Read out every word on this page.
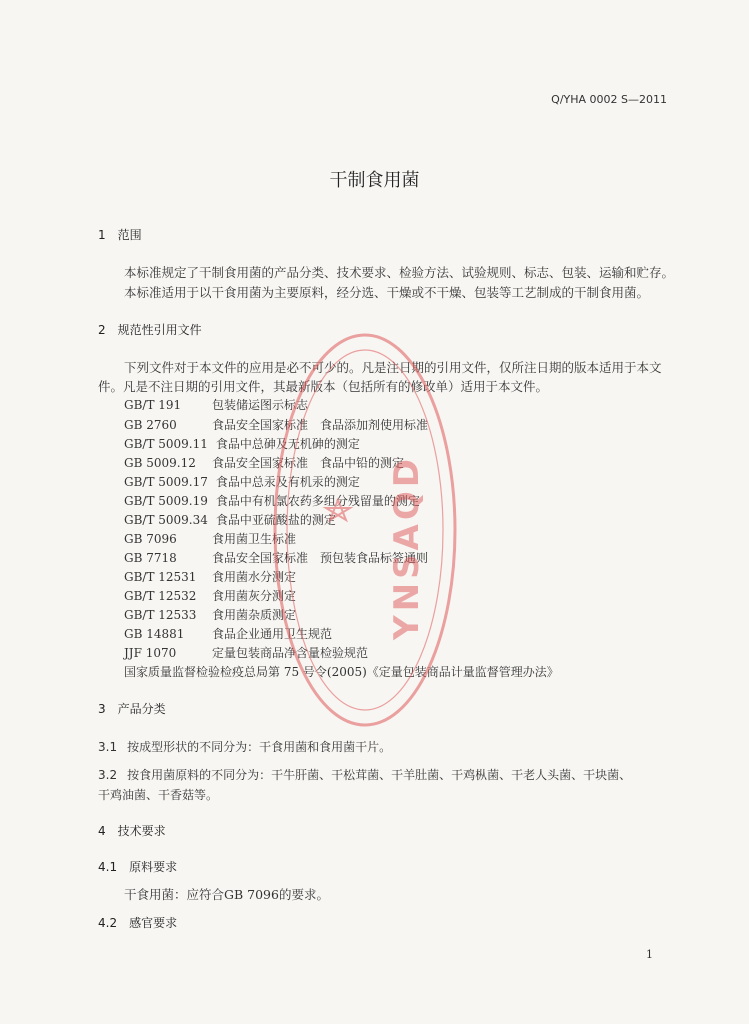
Q/YHA 0002 S—2011
干制食用菌
1 范围
本标准规定了干制食用菌的产品分类、技术要求、检验方法、试验规则、标志、包装、运输和贮存。
本标准适用于以干食用菌为主要原料，经分选、干燥或不干燥、包装等工艺制成的干制食用菌。
2 规范性引用文件
下列文件对于本文件的应用是必不可少的。凡是注日期的引用文件，仅所注日期的版本适用于本文
件。凡是不注日期的引用文件，其最新版本（包括所有的修改单）适用于本文件。
GB/T 191	包装储运图示标志
GB 2760	食品安全国家标准　食品添加剂使用标准
GB/T 5009.11 食品中总砷及无机砷的测定
GB 5009.12 食品安全国家标准　食品中铅的测定
GB/T 5009.17 食品中总汞及有机汞的测定
GB/T 5009.19 食品中有机氯农药多组分残留量的测定
GB/T 5009.34 食品中亚硫酸盐的测定
GB 7096	食用菌卫生标准
GB 7718	食品安全国家标准　预包装食品标签通则
GB/T 12531 食用菌水分测定
GB/T 12532 食用菌灰分测定
GB/T 12533 食用菌杂质测定
GB 14881 食品企业通用卫生规范
JJF 1070	定量包装商品净含量检验规范
国家质量监督检验检疫总局第 75 号令(2005)《定量包装商品计量监督管理办法》
3 产品分类
3.1 按成型形状的不同分为：干食用菌和食用菌干片。
3.2 按食用菌原料的不同分为：干牛肝菌、干松茸菌、干羊肚菌、干鸡枞菌、干老人头菌、干块菌、
干鸡油菌、干香菇等。
4 技术要求
4.1 原料要求
干食用菌：应符合GB 7096的要求。
4.2 感官要求
YNSAQD
1
